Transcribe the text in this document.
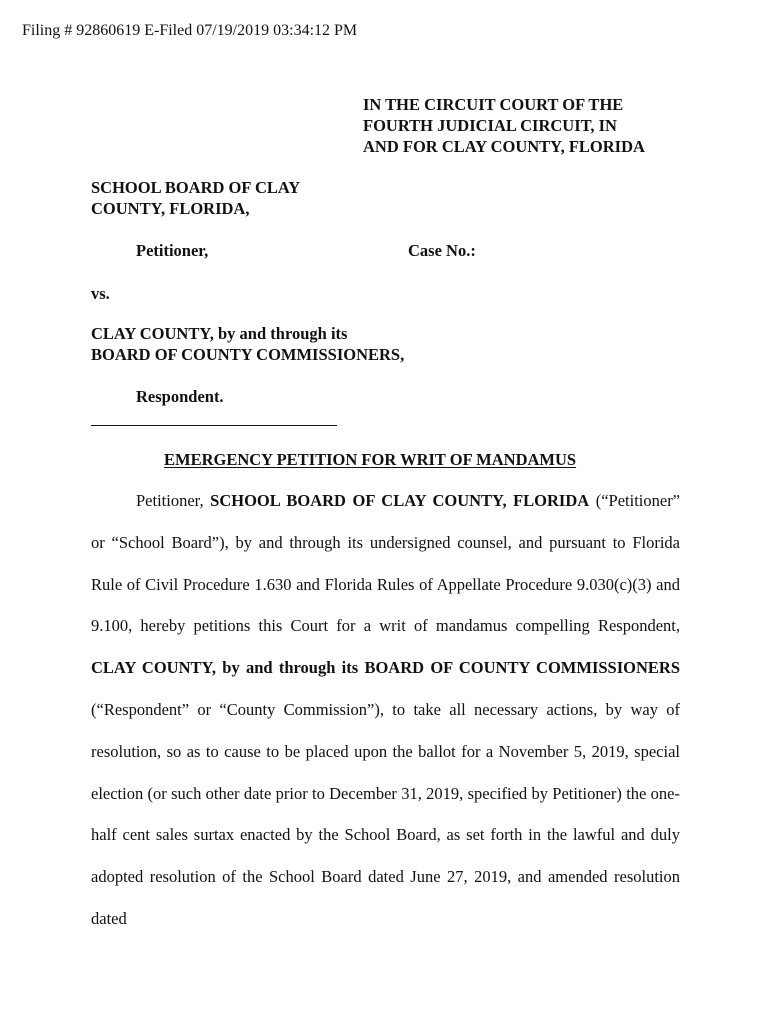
Filing # 92860619 E-Filed 07/19/2019 03:34:12 PM
IN THE CIRCUIT COURT OF THE
FOURTH JUDICIAL CIRCUIT, IN
AND FOR CLAY COUNTY, FLORIDA
SCHOOL BOARD OF CLAY
COUNTY, FLORIDA,
Petitioner,	Case No.:
vs.
CLAY COUNTY, by and through its
BOARD OF COUNTY COMMISSIONERS,
Respondent.
EMERGENCY PETITION FOR WRIT OF MANDAMUS

Petitioner, SCHOOL BOARD OF CLAY COUNTY, FLORIDA (“Petitioner” or “School Board”), by and through its undersigned counsel, and pursuant to Florida Rule of Civil Procedure 1.630 and Florida Rules of Appellate Procedure 9.030(c)(3) and 9.100, hereby petitions this Court for a writ of mandamus compelling Respondent, CLAY COUNTY, by and through its BOARD OF COUNTY COMMISSIONERS (“Respondent” or “County Commission”), to take all necessary actions, by way of resolution, so as to cause to be placed upon the ballot for a November 5, 2019, special election (or such other date prior to December 31, 2019, specified by Petitioner) the one-half cent sales surtax enacted by the School Board, as set forth in the lawful and duly adopted resolution of the School Board dated June 27, 2019, and amended resolution dated
